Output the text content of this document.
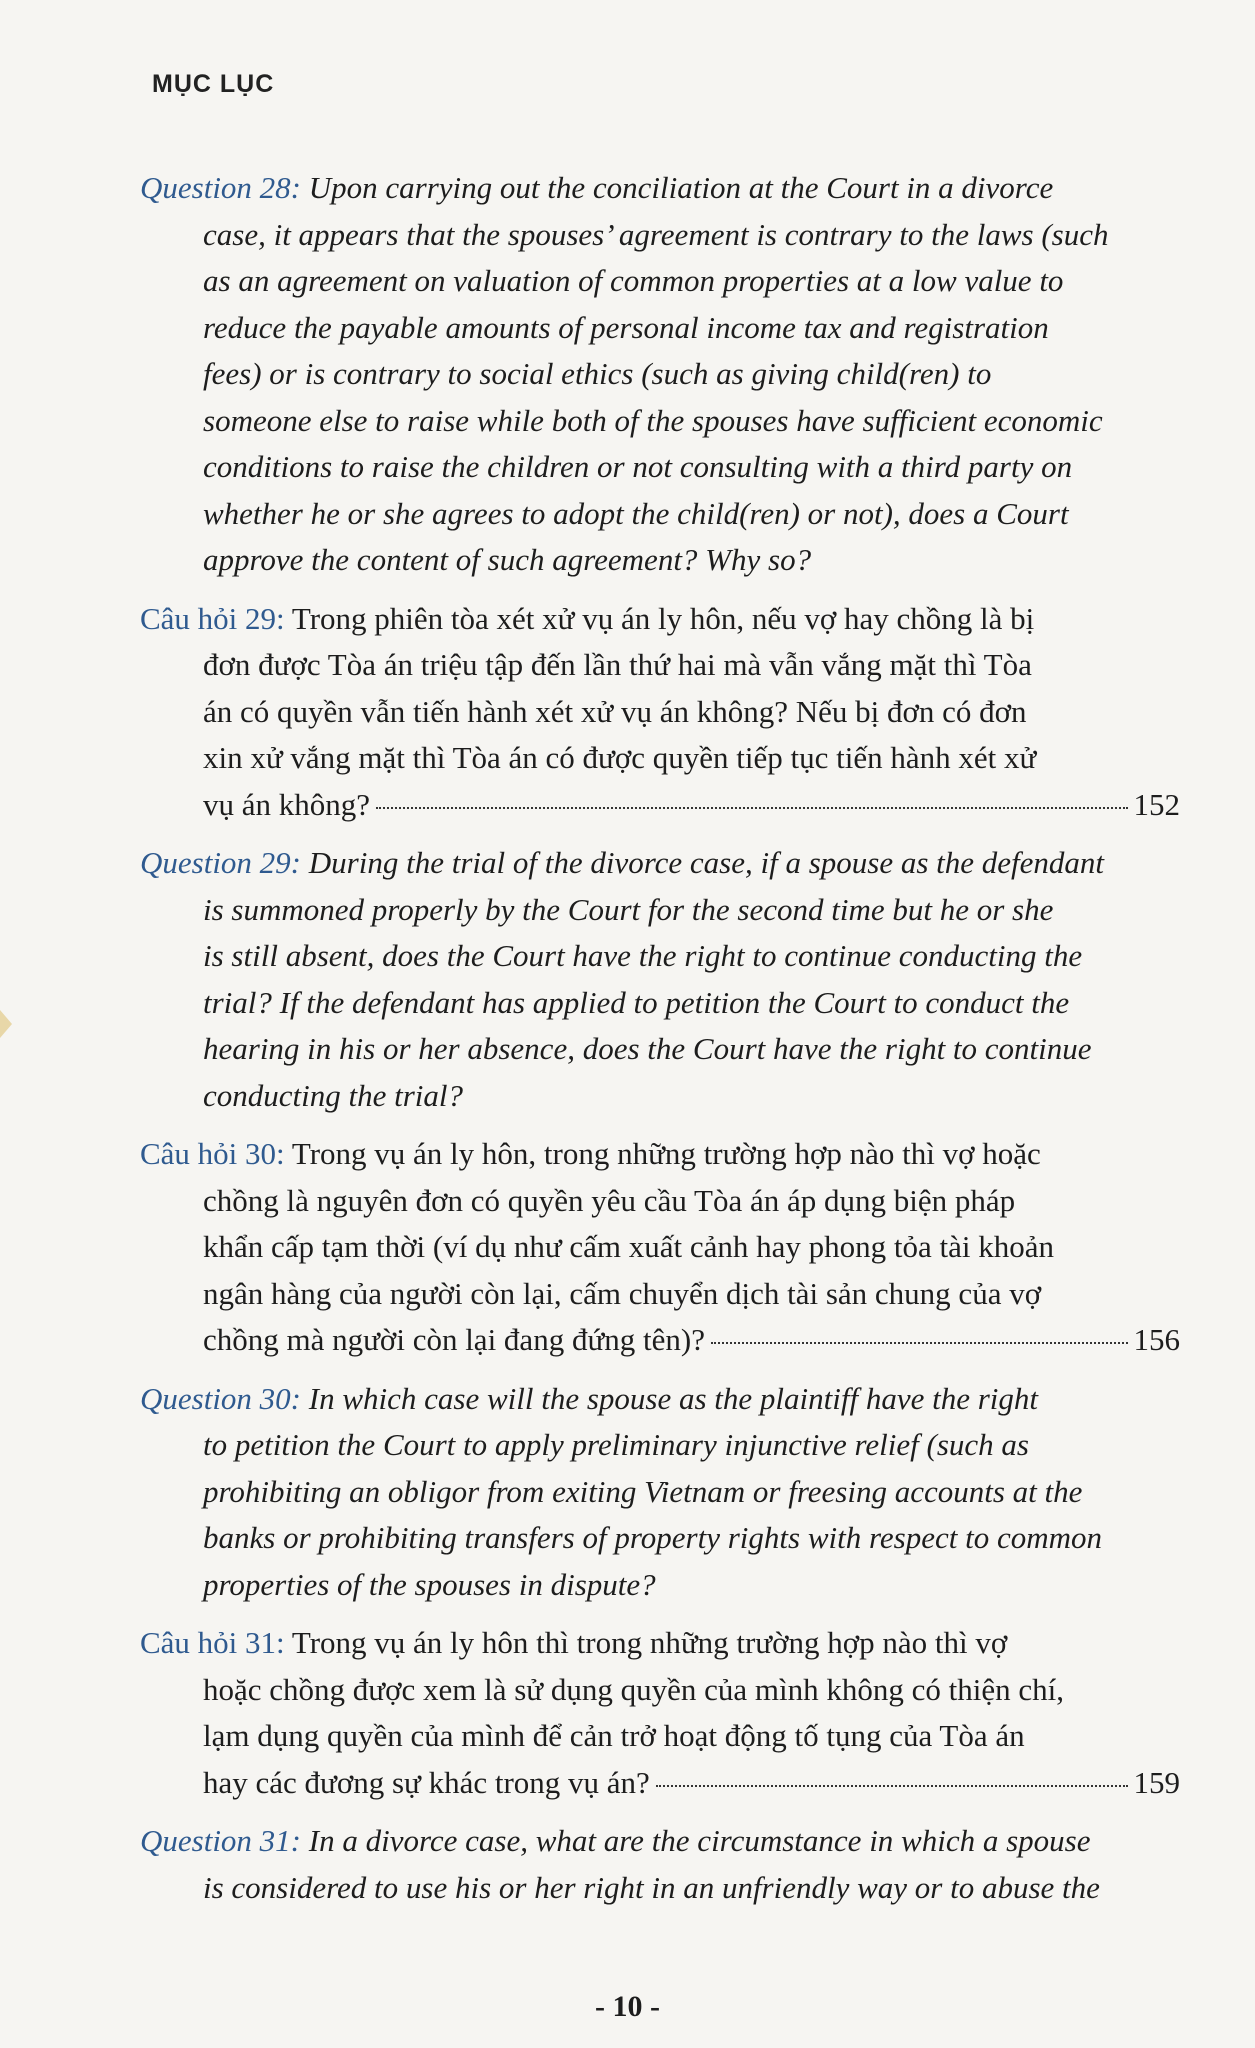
MỤC LỤC
Question 28: Upon carrying out the conciliation at the Court in a divorce
case, it appears that the spouses’ agreement is contrary to the laws (such
as an agreement on valuation of common properties at a low value to
reduce the payable amounts of personal income tax and registration
fees) or is contrary to social ethics (such as giving child(ren) to
someone else to raise while both of the spouses have sufficient economic
conditions to raise the children or not consulting with a third party on
whether he or she agrees to adopt the child(ren) or not), does a Court
approve the content of such agreement? Why so?
Câu hỏi 29: Trong phiên tòa xét xử vụ án ly hôn, nếu vợ hay chồng là bị
đơn được Tòa án triệu tập đến lần thứ hai mà vẫn vắng mặt thì Tòa
án có quyền vẫn tiến hành xét xử vụ án không? Nếu bị đơn có đơn
xin xử vắng mặt thì Tòa án có được quyền tiếp tục tiến hành xét xử
vụ án không?	152
Question 29: During the trial of the divorce case, if a spouse as the defendant
is summoned properly by the Court for the second time but he or she
is still absent, does the Court have the right to continue conducting the
trial? If the defendant has applied to petition the Court to conduct the
hearing in his or her absence, does the Court have the right to continue
conducting the trial?
Câu hỏi 30: Trong vụ án ly hôn, trong những trường hợp nào thì vợ hoặc
chồng là nguyên đơn có quyền yêu cầu Tòa án áp dụng biện pháp
khẩn cấp tạm thời (ví dụ như cấm xuất cảnh hay phong tỏa tài khoản
ngân hàng của người còn lại, cấm chuyển dịch tài sản chung của vợ
chồng mà người còn lại đang đứng tên)?	156
Question 30: In which case will the spouse as the plaintiff have the right
to petition the Court to apply preliminary injunctive relief (such as
prohibiting an obligor from exiting Vietnam or freesing accounts at the
banks or prohibiting transfers of property rights with respect to common
properties of the spouses in dispute?
Câu hỏi 31: Trong vụ án ly hôn thì trong những trường hợp nào thì vợ
hoặc chồng được xem là sử dụng quyền của mình không có thiện chí,
lạm dụng quyền của mình để cản trở hoạt động tố tụng của Tòa án
hay các đương sự khác trong vụ án?	159
Question 31: In a divorce case, what are the circumstance in which a spouse
is considered to use his or her right in an unfriendly way or to abuse the
- 10 -
